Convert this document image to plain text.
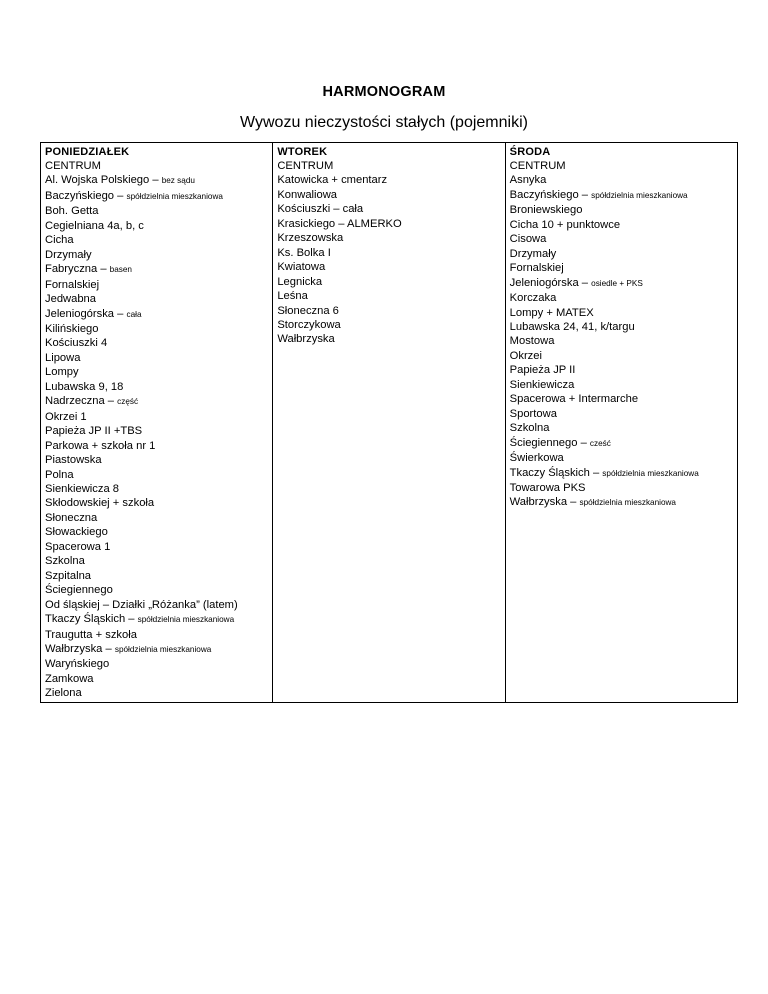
HARMONOGRAM
Wywozu nieczystości stałych (pojemniki)
PONIEDZIAŁEK
CENTRUM
Al. Wojska Polskiego – bez sądu
Baczyńskiego – spółdzielnia mieszkaniowa
Boh. Getta
Cegielniana 4a, b, c
Cicha
Drzymały
Fabryczna – basen
Fornalskiej
Jedwabna
Jeleniogórska – cała
Kilińskiego
Kościuszki 4
Lipowa
Lompy
Lubawska 9, 18
Nadrzeczna – część
Okrzei 1
Papieża JP II +TBS
Parkowa + szkoła nr 1
Piastowska
Polna
Sienkiewicza 8
Skłodowskiej + szkoła
Słoneczna
Słowackiego
Spacerowa 1
Szkolna
Szpitalna
Ściegiennego
Od śląskiej – Działki „Różanka” (latem)
Tkaczy Śląskich – spółdzielnia mieszkaniowa
Traugutta + szkoła
Wałbrzyska – spółdzielnia mieszkaniowa
Waryńskiego
Zamkowa
Zielona

WTOREK
CENTRUM
Katowicka + cmentarz
Konwaliowa
Kościuszki – cała
Krasickiego – ALMERKO
Krzeszowska
Ks. Bolka I
Kwiatowa
Legnicka
Leśna
Słoneczna 6
Storczykowa
Wałbrzyska

ŚRODA
CENTRUM
Asnyka
Baczyńskiego – spółdzielnia mieszkaniowa
Broniewskiego
Cicha 10 + punktowce
Cisowa
Drzymały
Fornalskiej
Jeleniogórska – osiedle + PKS
Korczaka
Lompy + MATEX
Lubawska 24, 41, k/targu
Mostowa
Okrzei
Papieża JP II
Sienkiewicza
Spacerowa + Intermarche
Sportowa
Szkolna
Ściegiennego – cześć
Świerkowa
Tkaczy Śląskich – spółdzielnia mieszkaniowa
Towarowa PKS
Wałbrzyska – spółdzielnia mieszkaniowa
